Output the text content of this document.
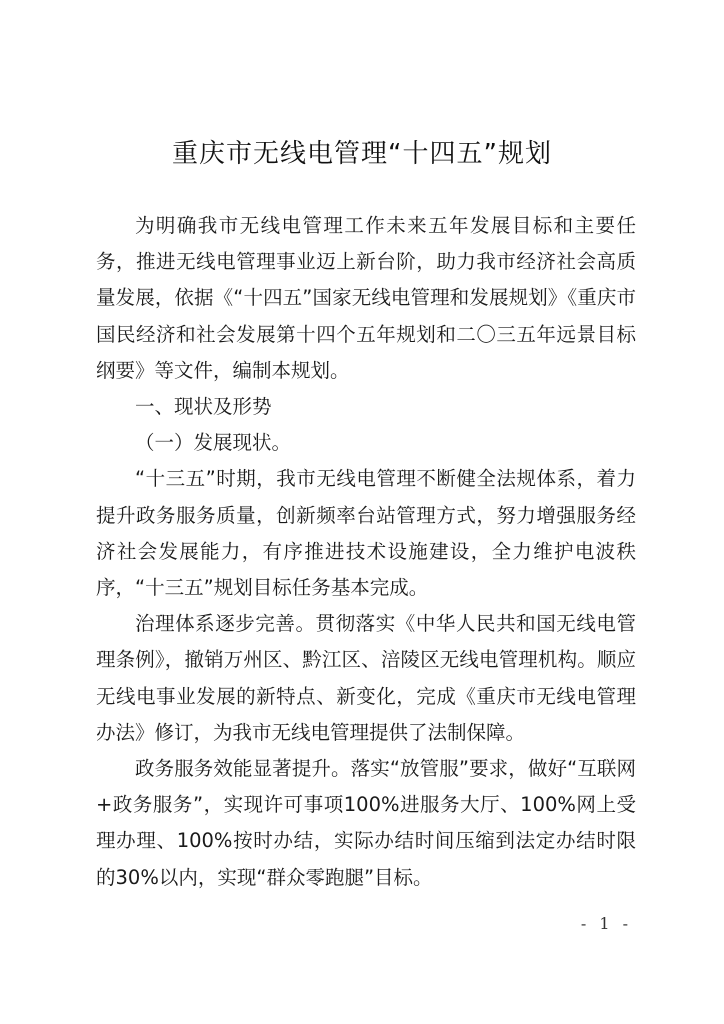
重庆市无线电管理“十四五”规划

为明确我市无线电管理工作未来五年发展目标和主要任务，推进无线电管理事业迈上新台阶，助力我市经济社会高质量发展，依据《“十四五”国家无线电管理和发展规划》《重庆市国民经济和社会发展第十四个五年规划和二〇三五年远景目标纲要》等文件，编制本规划。

一、现状及形势

（一）发展现状。

“十三五”时期，我市无线电管理不断健全法规体系，着力提升政务服务质量，创新频率台站管理方式，努力增强服务经济社会发展能力，有序推进技术设施建设，全力维护电波秩序，“十三五”规划目标任务基本完成。

治理体系逐步完善。贯彻落实《中华人民共和国无线电管理条例》，撤销万州区、黔江区、涪陵区无线电管理机构。顺应无线电事业发展的新特点、新变化，完成《重庆市无线电管理办法》修订，为我市无线电管理提供了法制保障。

政务服务效能显著提升。落实“放管服”要求，做好“互联网+政务服务”，实现许可事项100%进服务大厅、100%网上受理办理、100%按时办结，实际办结时间压缩到法定办结时限的30%以内，实现“群众零跑腿”目标。

- 1 -
